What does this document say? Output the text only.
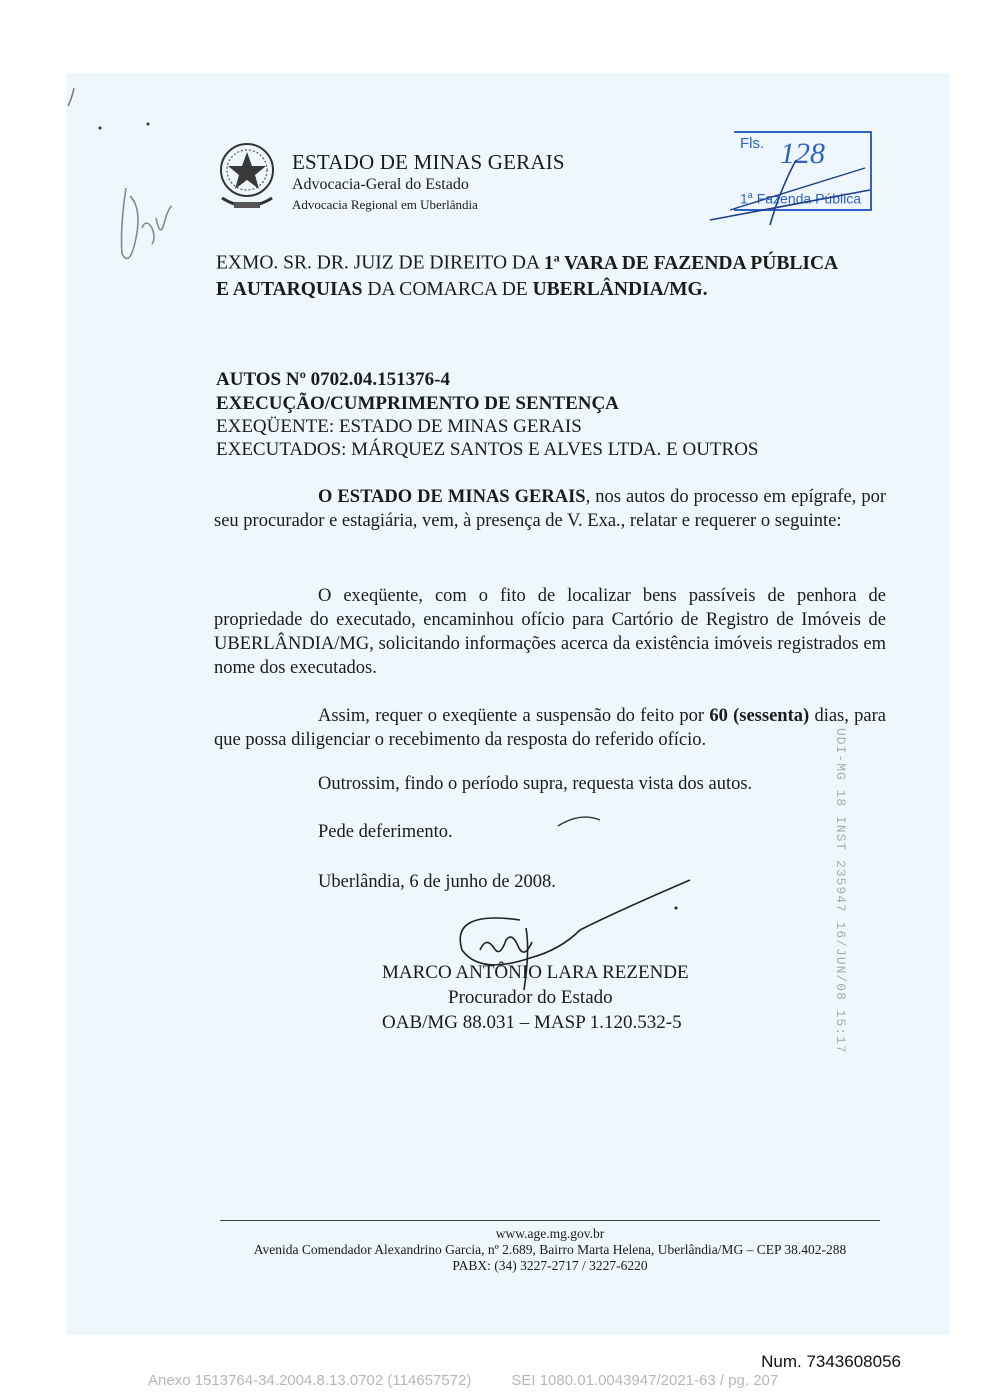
ESTADO DE MINAS GERAIS
Advocacia-Geral do Estado
Advocacia Regional em Uberlândia
Fls. 128
1$^a$ Fazenda Pública
EXMO. SR. DR. JUIZ DE DIREITO DA 1$^a$ VARA DE FAZENDA PÚBLICA
E AUTARQUIAS DA COMARCA DE UBERLÂNDIA/MG.
AUTOS Nº 0702.04.151376-4
EXECUÇÃO/CUMPRIMENTO DE SENTENÇA
EXEQÜENTE: ESTADO DE MINAS GERAIS
EXECUTADOS: MÁRQUEZ SANTOS E ALVES LTDA. E OUTROS
O ESTADO DE MINAS GERAIS, nos autos do processo em epígrafe, por seu procurador e estagiária, vem, à presença de V. Exa., relatar e requerer o seguinte:
O exeqüente, com o fito de localizar bens passíveis de penhora de propriedade do executado, encaminhou ofício para Cartório de Registro de Imóveis de UBERLÂNDIA/MG, solicitando informações acerca da existência imóveis registrados em nome dos executados.
Assim, requer o exeqüente a suspensão do feito por 60 (sessenta) dias, para que possa diligenciar o recebimento da resposta do referido ofício.
Outrossim, findo o período supra, requesta vista dos autos.
Pede deferimento.
Uberlândia, 6 de junho de 2008.
MARCO ANTÔNIO LARA REZENDE
Procurador do Estado
OAB/MG 88.031 – MASP 1.120.532-5	UDI-MG 18 INST 235947 16/JUN/08 15:17
www.age.mg.gov.br
Avenida Comendador Alexandrino Garcia, nº 2.689, Bairro Marta Helena, Uberlândia/MG – CEP 38.402-288
PABX: (34) 3227-2717 / 3227-6220
Num. 7343608056
Anexo 1513764-34.2004.8.13.0702 (114657572)	SEI 1080.01.0043947/2021-63 / pg. 207
